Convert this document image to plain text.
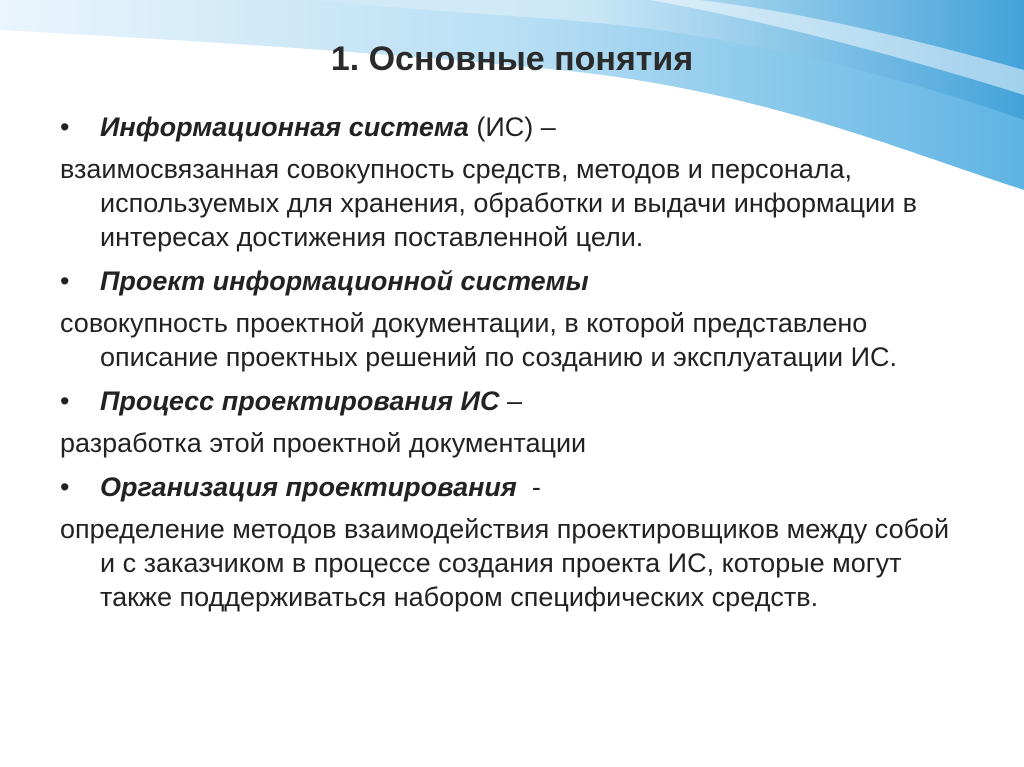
1. Основные понятия
•	Информационная система (ИС) –
взаимосвязанная совокупность средств, методов и персонала, используемых для хранения, обработки и выдачи информации в интересах достижения поставленной цели.
•	Проект информационной системы
совокупность проектной документации, в которой представлено описание проектных решений по созданию и эксплуатации ИС.
•	Процесс проектирования ИС –
разработка этой проектной документации
•	Организация проектирования  -
определение методов взаимодействия проектировщиков между собой и с заказчиком в процессе создания проекта ИС, которые могут также поддерживаться набором специфических средств.
